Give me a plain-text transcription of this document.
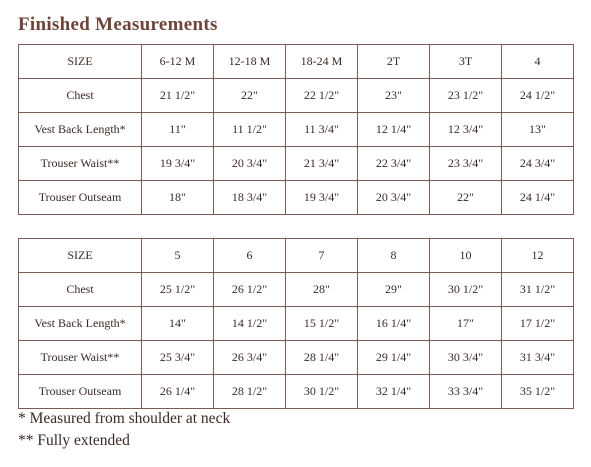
Finished Measurements
SIZE	6-12 M	12-18 M	18-24 M	2T	3T	4
Chest	21 1/2"	22"	22 1/2"	23"	23 1/2"	24 1/2"
Vest Back Length*	11"	11 1/2"	11 3/4"	12 1/4"	12 3/4"	13"
Trouser Waist**	19 3/4"	20 3/4"	21 3/4"	22 3/4"	23 3/4"	24 3/4"
Trouser Outseam	18"	18 3/4"	19 3/4"	20 3/4"	22"	24 1/4"
SIZE	5	6	7	8	10	12
Chest	25 1/2"	26 1/2"	28"	29"	30 1/2"	31 1/2"
Vest Back Length*	14"	14 1/2"	15 1/2"	16 1/4"	17"	17 1/2"
Trouser Waist**	25 3/4"	26 3/4"	28 1/4"	29 1/4"	30 3/4"	31 3/4"
Trouser Outseam	26 1/4"	28 1/2"	30 1/2"	32 1/4"	33 3/4"	35 1/2"
* Measured from shoulder at neck
** Fully extended
